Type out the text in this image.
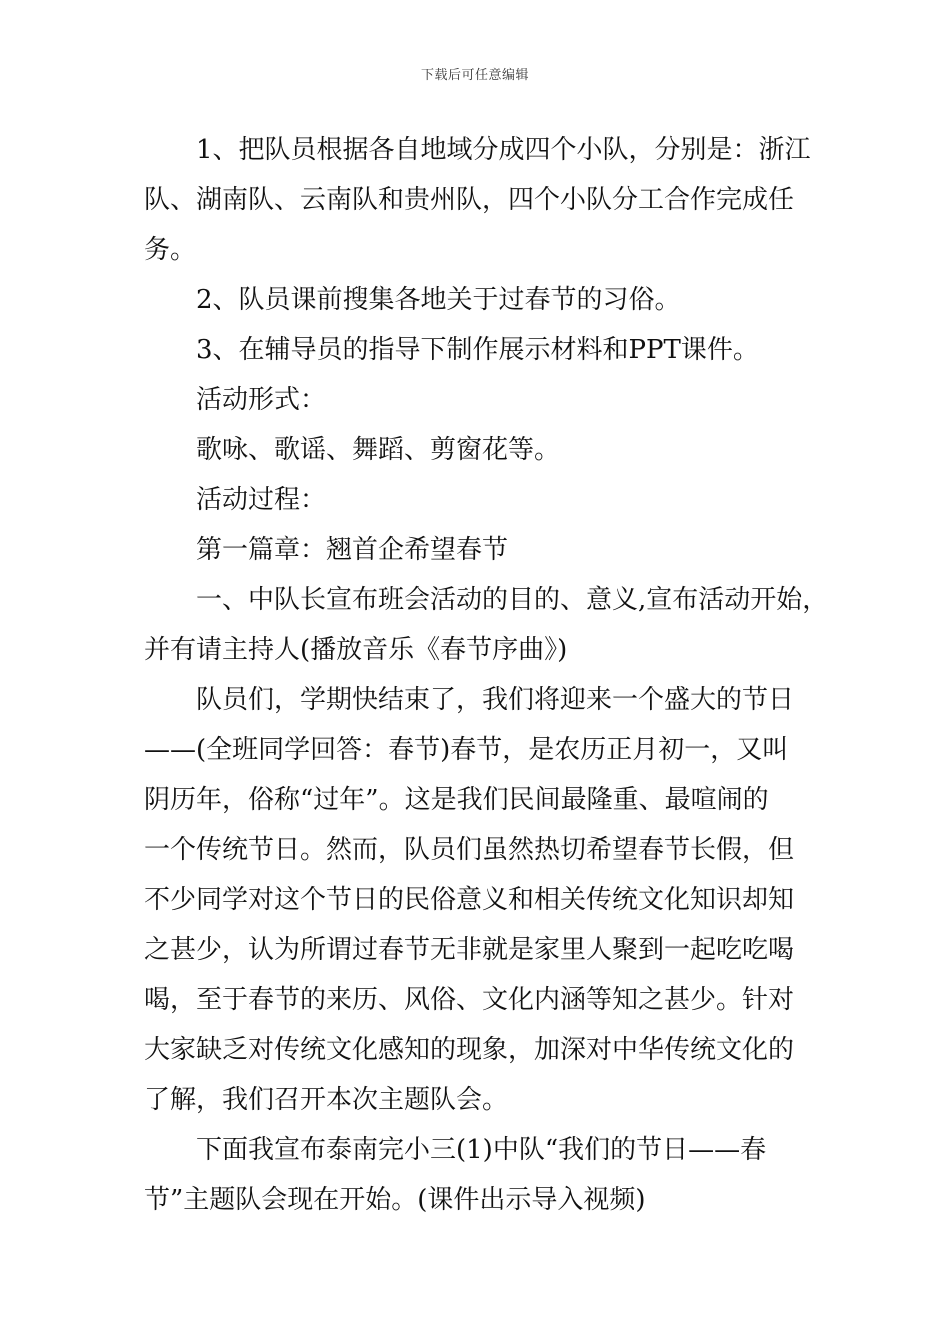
下载后可任意编辑
1、把队员根据各自地域分成四个小队，分别是：浙江
队、湖南队、云南队和贵州队，四个小队分工合作完成任
务。
2、队员课前搜集各地关于过春节的习俗。
3、在辅导员的指导下制作展示材料和PPT课件。
活动形式：
歌咏、歌谣、舞蹈、剪窗花等。
活动过程：
第一篇章：翘首企希望春节
一、中队长宣布班会活动的目的、意义,宣布活动开始，
并有请主持人(播放音乐《春节序曲》)
队员们，学期快结束了，我们将迎来一个盛大的节日
——(全班同学回答：春节)春节，是农历正月初一，又叫
阴历年，俗称“过年”。这是我们民间最隆重、最喧闹的
一个传统节日。然而，队员们虽然热切希望春节长假，但
不少同学对这个节日的民俗意义和相关传统文化知识却知
之甚少，认为所谓过春节无非就是家里人聚到一起吃吃喝
喝，至于春节的来历、风俗、文化内涵等知之甚少。针对
大家缺乏对传统文化感知的现象，加深对中华传统文化的
了解，我们召开本次主题队会。
下面我宣布泰南完小三(1)中队“我们的节日——春
节”主题队会现在开始。(课件出示导入视频)
